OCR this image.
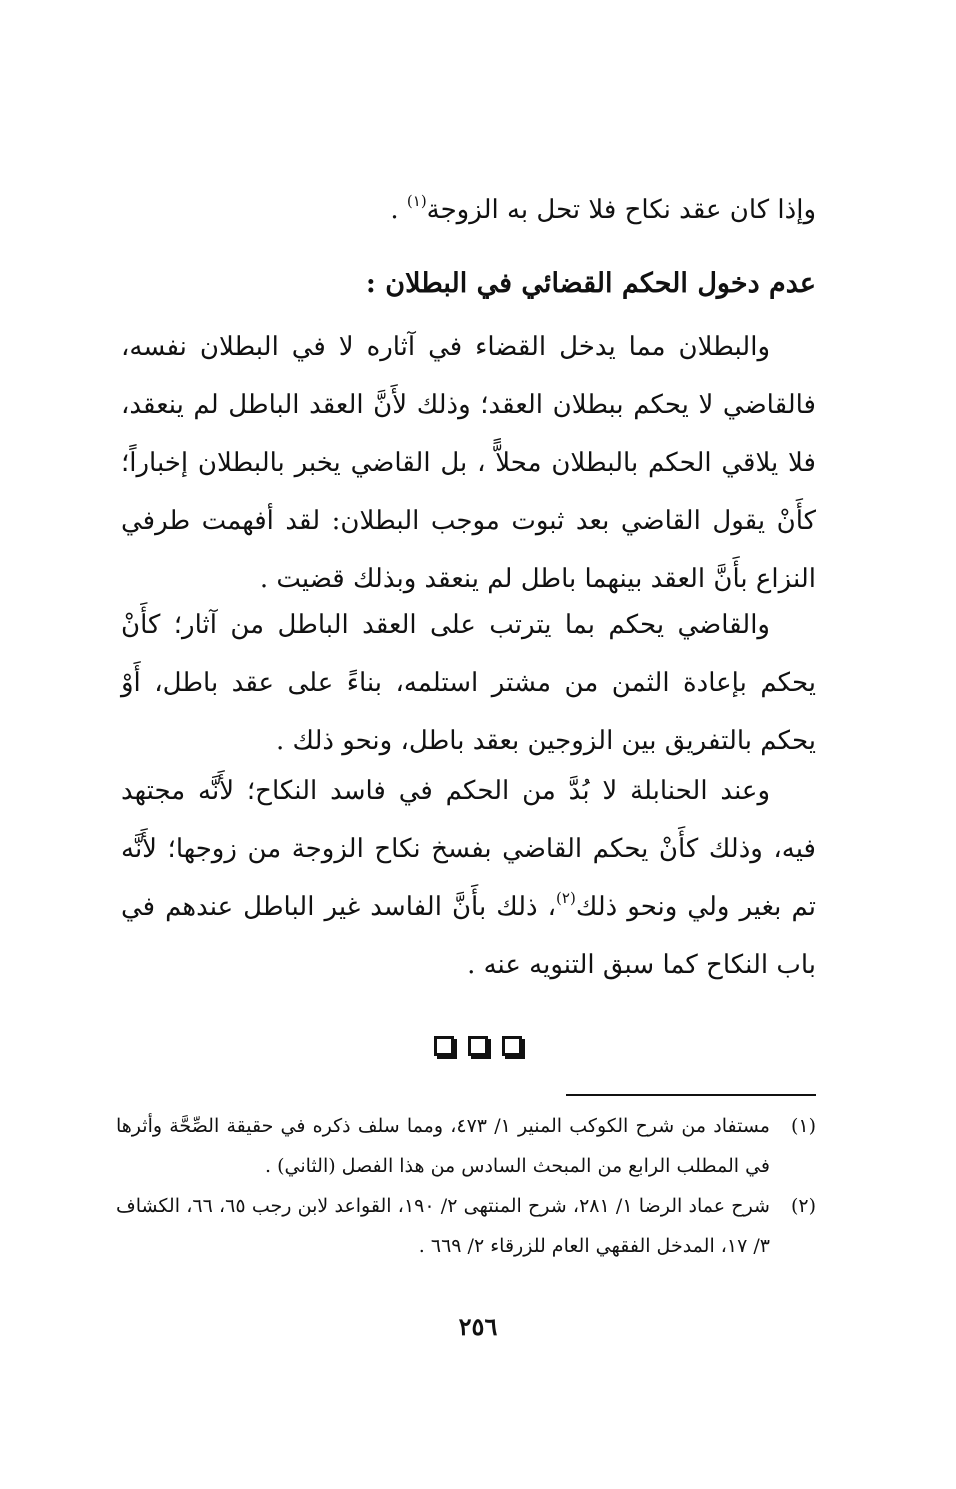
وإذا كان عقد نكاح فلا تحل به الزوجة$^{(١)}$ .
عدم دخول الحكم القضائي في البطلان :
والبطلان مما يدخل القضاء في آثاره لا في البطلان نفسه، فالقاضي لا يحكم ببطلان العقد؛ وذلك لأَنَّ العقد الباطل لم ينعقد، فلا يلاقي الحكم بالبطلان محلاًّ ، بل القاضي يخبر بالبطلان إخباراً؛ كأَنْ يقول القاضي بعد ثبوت موجب البطلان: لقد أفهمت طرفي النزاع بأَنَّ العقد بينهما باطل لم ينعقد وبذلك قضيت .
والقاضي يحكم بما يترتب على العقد الباطل من آثار؛ كأَنْ يحكم بإعادة الثمن من مشتر استلمه، بناءً على عقد باطل، أَوْ يحكم بالتفريق بين الزوجين بعقد باطل، ونحو ذلك .
وعند الحنابلة لا بُدَّ من الحكم في فاسد النكاح؛ لأَنَّه مجتهد فيه، وذلك كأَنْ يحكم القاضي بفسخ نكاح الزوجة من زوجها؛ لأَنَّه تم بغير ولي ونحو ذلك$^{(٢)}$، ذلك بأَنَّ الفاسد غير الباطل عندهم في باب النكاح كما سبق التنويه عنه .
(١)
مستفاد من شرح الكوكب المنير ١/ ٤٧٣، ومما سلف ذكره في حقيقة الصِّحَّة وأثرها في المطلب الرابع من المبحث السادس من هذا الفصل (الثاني) .
(٢)
شرح عماد الرضا ١/ ٢٨١، شرح المنتهى ٢/ ١٩٠، القواعد لابن رجب ٦٥، ٦٦، الكشاف ٣/ ١٧، المدخل الفقهي العام للزرقاء ٢/ ٦٦٩ .
٢٥٦
